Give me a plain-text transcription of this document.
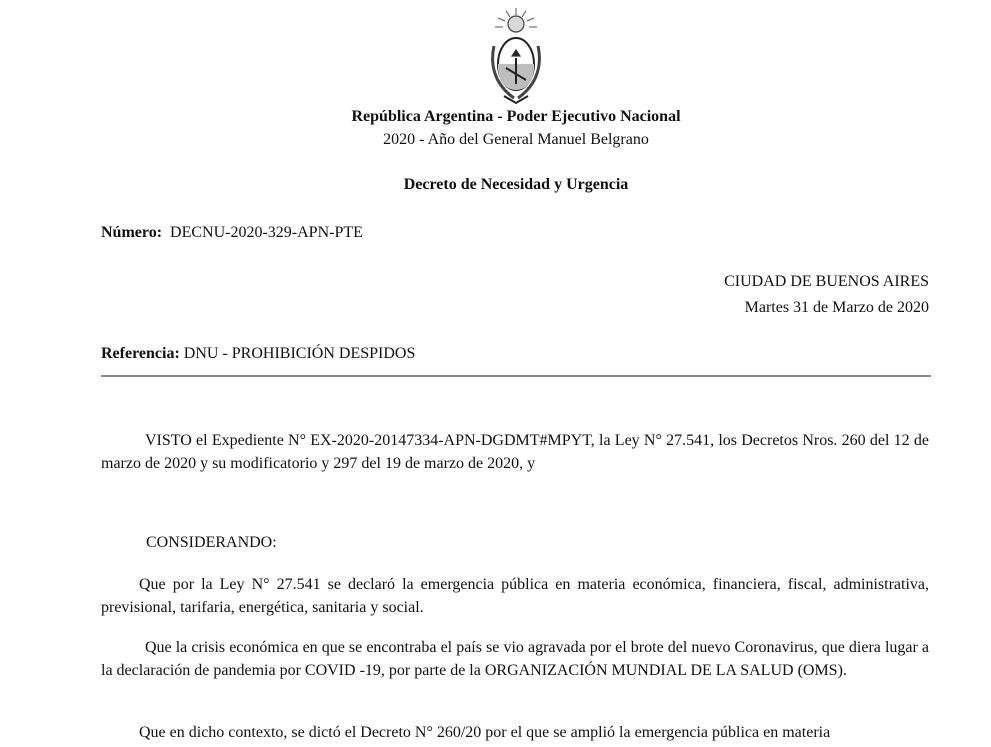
República Argentina - Poder Ejecutivo Nacional
2020 - Año del General Manuel Belgrano
Decreto de Necesidad y Urgencia
Número: DECNU-2020-329-APN-PTE
CIUDAD DE BUENOS AIRES
Martes 31 de Marzo de 2020
Referencia: DNU - PROHIBICIÓN DESPIDOS
VISTO el Expediente N° EX-2020-20147334-APN-DGDMT#MPYT, la Ley N° 27.541, los Decretos Nros. 260 del 12 de marzo de 2020 y su modificatorio y 297 del 19 de marzo de 2020, y
CONSIDERANDO:
Que por la Ley N° 27.541 se declaró la emergencia pública en materia económica, financiera, fiscal, administrativa, previsional, tarifaria, energética, sanitaria y social.
Que la crisis económica en que se encontraba el país se vio agravada por el brote del nuevo Coronavirus, que diera lugar a la declaración de pandemia por COVID -19, por parte de la ORGANIZACIÓN MUNDIAL DE LA SALUD (OMS).
Que en dicho contexto, se dictó el Decreto N° 260/20 por el que se amplió la emergencia pública en materia
